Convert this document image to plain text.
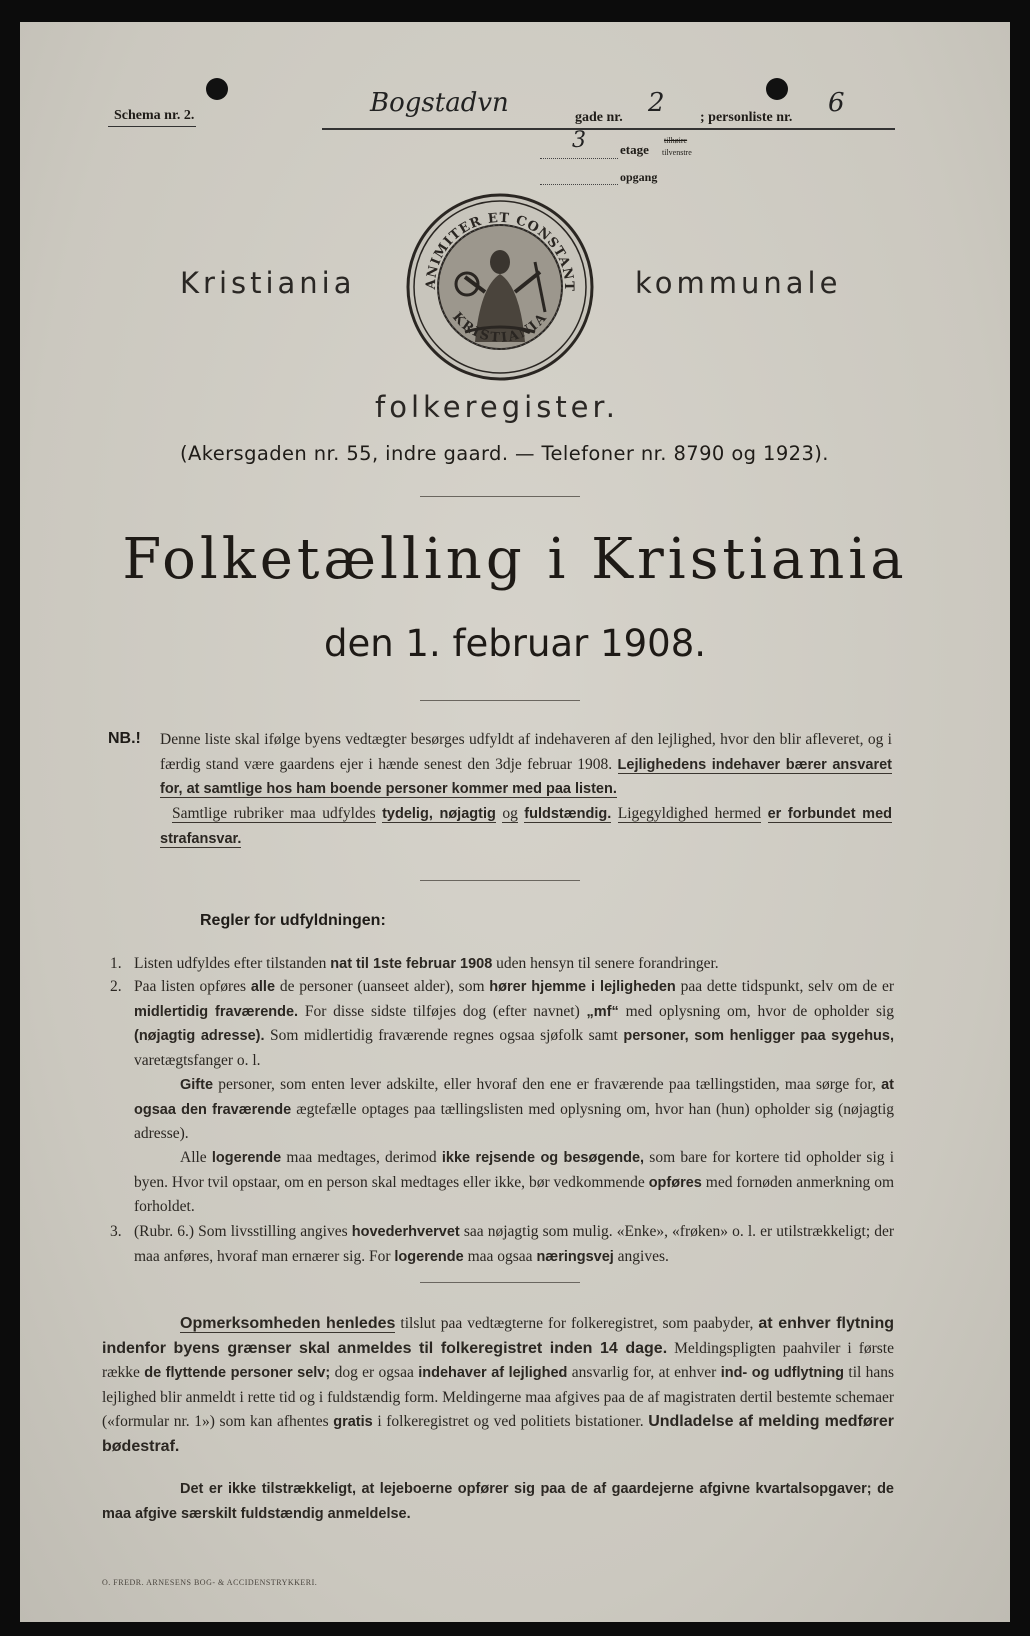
Schema nr. 2.	Bogstadvn	gade nr. 2	; personliste nr. 6
3	etage
tilhøire
tilvenstre
opgang
Kristiania	kommunale
ANIMITER ET CONSTANT
KRISTIANIA
folkeregister.
(Akersgaden nr. 55, indre gaard. — Telefoner nr. 8790 og 1923).
Folketælling i Kristiania
den 1. februar 1908.
NB.! Denne liste skal ifølge byens vedtægter besørges udfyldt af indehaveren af den lejlighed, hvor den blir afleveret, og i færdig stand være gaardens ejer i hænde senest den 3dje februar 1908. Lejlighedens indehaver bærer ansvaret for, at samtlige hos ham boende personer kommer med paa listen.
Samtlige rubriker maa udfyldes tydelig, nøjagtig og fuldstændig. Ligegyldighed hermed er forbundet med strafansvar.
Regler for udfyldningen:
1. Listen udfyldes efter tilstanden nat til 1ste februar 1908 uden hensyn til senere forandringer.
2. Paa listen opføres alle de personer (uanseet alder), som hører hjemme i lejligheden paa dette tidspunkt, selv om de er midlertidig fraværende. For disse sidste tilføjes dog (efter navnet) „mf“ med oplysning om, hvor de opholder sig (nøjagtig adresse). Som midlertidig fraværende regnes ogsaa sjøfolk samt personer, som henligger paa sygehus, varetægtsfanger o. l.
Gifte personer, som enten lever adskilte, eller hvoraf den ene er fraværende paa tællingstiden, maa sørge for, at ogsaa den fraværende ægtefælle optages paa tællingslisten med oplysning om, hvor han (hun) opholder sig (nøjagtig adresse).
Alle logerende maa medtages, derimod ikke rejsende og besøgende, som bare for kortere tid opholder sig i byen. Hvor tvil opstaar, om en person skal medtages eller ikke, bør vedkommende opføres med fornøden anmerkning om forholdet.
3. (Rubr. 6.) Som livsstilling angives hovederhvervet saa nøjagtig som mulig. «Enke», «frøken» o. l. er utilstrækkeligt; der maa anføres, hvoraf man ernærer sig. For logerende maa ogsaa næringsvej angives.
Opmerksomheden henledes tilslut paa vedtægterne for folkeregistret, som paabyder, at enhver flytning indenfor byens grænser skal anmeldes til folkeregistret inden 14 dage. Meldingspligten paahviler i første række de flyttende personer selv; dog er ogsaa indehaver af lejlighed ansvarlig for, at enhver ind- og udflytning til hans lejlighed blir anmeldt i rette tid og i fuldstændig form. Meldingerne maa afgives paa de af magistraten dertil bestemte schemaer («formular nr. 1») som kan afhentes gratis i folkeregistret og ved politiets bistationer. Undladelse af melding medfører bødestraf.
Det er ikke tilstrækkeligt, at lejeboerne opfører sig paa de af gaardejerne afgivne kvartalsopgaver; de maa afgive særskilt fuldstændig anmeldelse.
O. FREDR. ARNESENS BOG- & ACCIDENSTRYKKERI.
